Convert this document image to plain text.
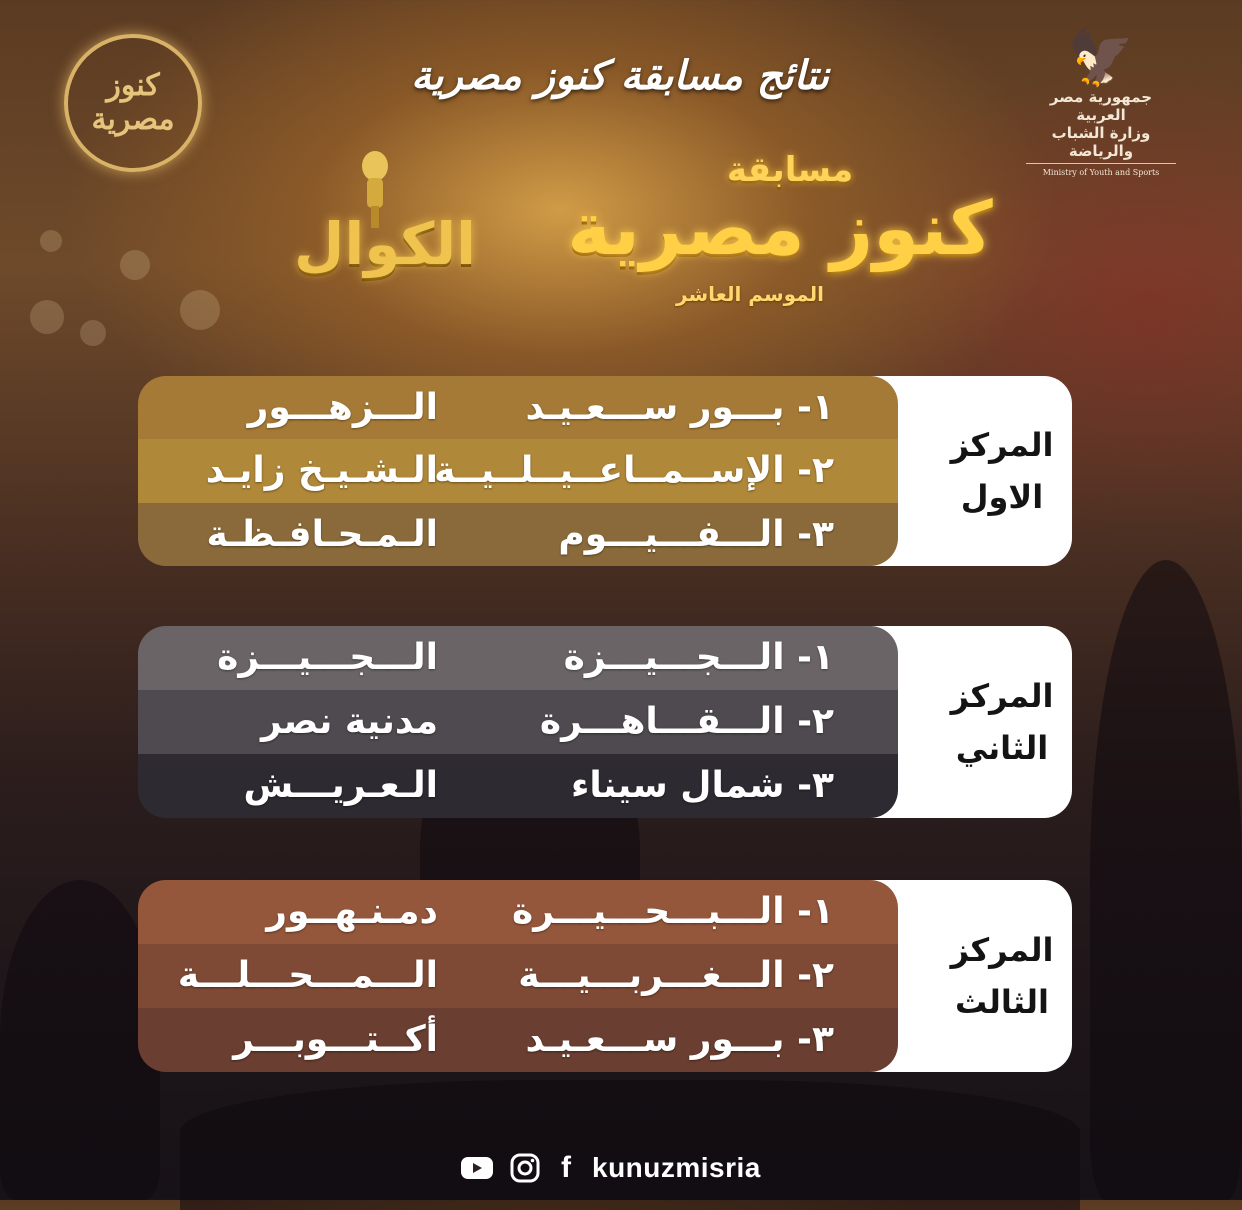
نتائج مسابقة كنوز مصرية
كنوز
مصرية
🦅
جمهورية مصر العربية
وزارة الشباب والرياضة
Ministry of Youth and Sports
مسابقة
كنوز مصرية
الموسم العاشر
الكوال
المركز
الاول
١- بـــور ســـعـيـد
الـــزهـــور
٢- الإســمــاعــيــلــيــة
الـشـيـخ زايـد
٣- الـــفـــيـــوم
الـمـحـافـظـة
المركز
الثاني
١- الـــجـــيـــزة
الـــجـــيـــزة
٢- الـــقـــاهـــرة
مدنية نصر
٣- شمال سيناء
الـعـريـــش
المركز
الثالث
١- الـــبـــحـــيـــرة
دمـنـهــور
٢- الـــغـــربـــيـــة
الـــمـــحـــلـــة
٣- بـــور ســـعـيـد
أكــتـــوبـــر
f kunuzmisria
